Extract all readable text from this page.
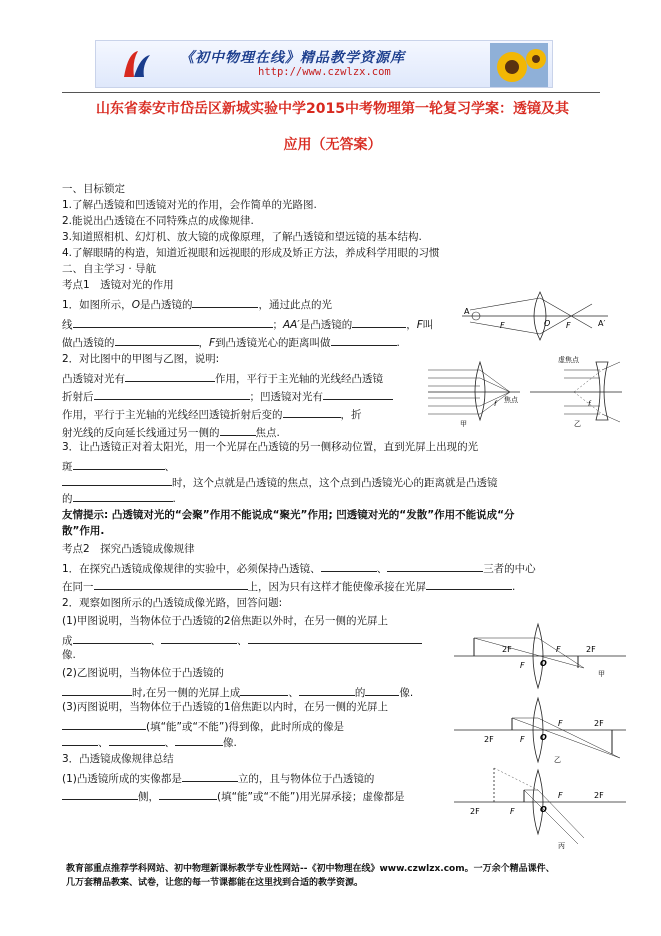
《初中物理在线》精品教学资源库
http://www.czwlzx.com
山东省泰安市岱岳区新城实验中学2015中考物理第一轮复习学案：透镜及其
应用（无答案）
一、目标锁定
1.了解凸透镜和凹透镜对光的作用，会作简单的光路图.
2.能说出凸透镜在不同特殊点的成像规律.
3.知道照相机、幻灯机、放大镜的成像原理，了解凸透镜和望远镜的基本结构.
4.了解眼睛的构造，知道近视眼和远视眼的形成及矫正方法，养成科学用眼的习惯
二、自主学习 · 导航
考点1　透镜对光的作用
1．如图所示，O是凸透镜的	，通过此点的光
线	；AA′是凸透镜的	，F叫
做凸透镜的	，F到凸透镜光心的距离叫做	.
2．对比图中的甲图与乙图，说明:
凸透镜对光有	作用，平行于主光轴的光线经凸透镜
折射后	；凹透镜对光有
作用，平行于主光轴的光线经凹透镜折射后变的	，折
射光线的反向延长线通过另一侧的	焦点.
3．让凸透镜正对着太阳光，用一个光屏在凸透镜的另一侧移动位置，直到光屏上出现的光
斑	、
时，这个点就是凸透镜的焦点，这个点到凸透镜光心的距离就是凸透镜
的	.
友情提示: 凸透镜对光的“会聚”作用不能说成“聚光”作用; 凹透镜对光的“发散”作用不能说成“分
散”作用.
考点2　探究凸透镜成像规律
1．在探究凸透镜成像规律的实验中，必须保持凸透镜、	、	三者的中心
在同一	上，因为只有这样才能使像承接在光屏	.
2．观察如图所示的凸透镜成像光路，回答问题:
(1)甲图说明，当物体位于凸透镜的2倍焦距以外时，在另一侧的光屏上
成	、	、
像.
(2)乙图说明，当物体位于凸透镜的
时,在另一侧的光屏上成	、	的	像.
(3)丙图说明，当物体位于凸透镜的1倍焦距以内时，在另一侧的光屏上
(填“能”或“不能”)得到像，此时所成的像是
、	、	像.
3．凸透镜成像规律总结
(1)凸透镜所成的实像都是	立的，且与物体位于凸透镜的
侧，	(填“能”或“不能”)用光屏承接；虚像都是
A
F	O F	A′
f 焦点
甲
虚焦点
f
乙
2F
F O
F	2F
甲
2F	F O
F	2F
乙
2F	F	O
F	2F
丙
教育部重点推荐学科网站、初中物理新课标教学专业性网站--《初中物理在线》www.czwlzx.com。一万余个精品课件、
几万套精品教案、试卷，让您的每一节课都能在这里找到合适的教学资源。
